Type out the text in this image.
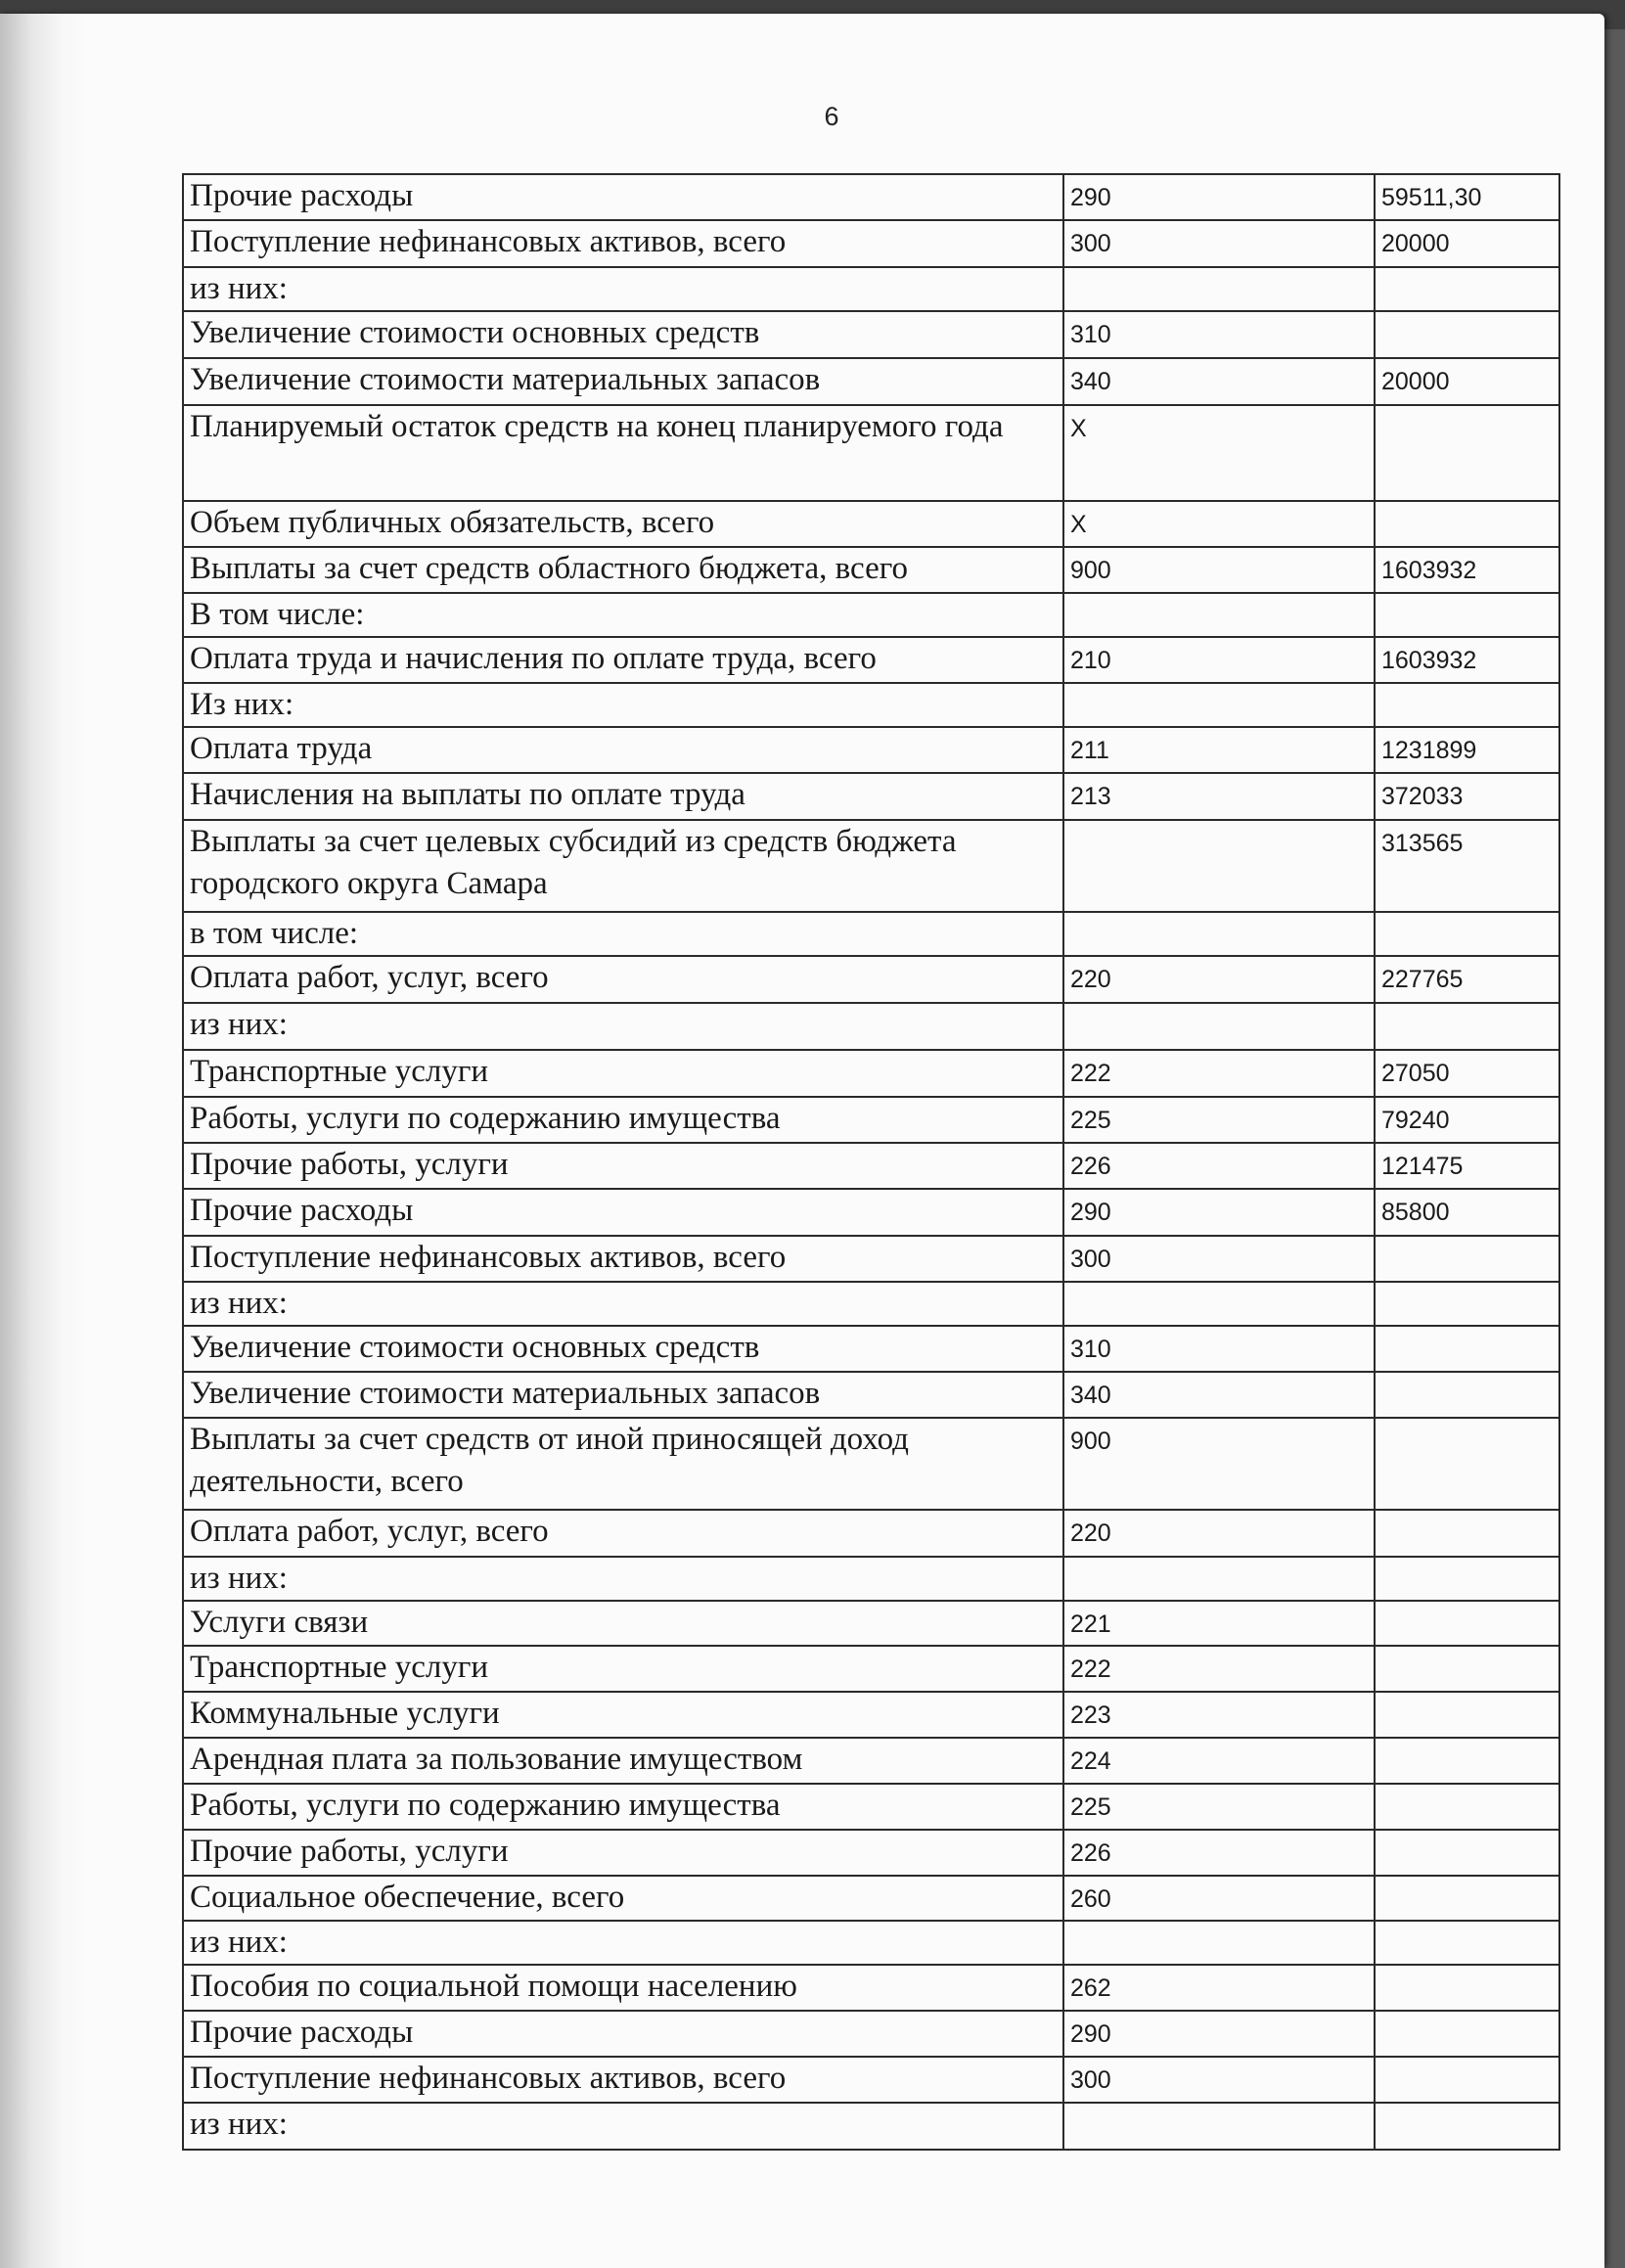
6
Прочие расходы	290	59511,30
Поступление нефинансовых активов, всего	300	20000
из них:		
Увеличение стоимости основных средств	310	
Увеличение стоимости материальных запасов	340	20000
Планируемый остаток средств на конец планируемого года	Х	
Объем публичных обязательств, всего	Х	
Выплаты за счет средств областного бюджета, всего	900	1603932
В том числе:		
Оплата труда и начисления по оплате труда, всего	210	1603932
Из них:		
Оплата труда	211	1231899
Начисления на выплаты по оплате труда	213	372033
Выплаты за счет целевых субсидий из средств бюджета городского округа Самара		313565
в том числе:		
Оплата работ, услуг, всего	220	227765
из них:		
Транспортные услуги	222	27050
Работы, услуги по содержанию имущества	225	79240
Прочие работы, услуги	226	121475
Прочие расходы	290	85800
Поступление нефинансовых активов, всего	300	
из них:		
Увеличение стоимости основных средств	310	
Увеличение стоимости материальных запасов	340	
Выплаты за счет средств от иной приносящей доход деятельности, всего	900	
Оплата работ, услуг, всего	220	
из них:		
Услуги связи	221	
Транспортные услуги	222	
Коммунальные услуги	223	
Арендная плата за пользование имуществом	224	
Работы, услуги по содержанию имущества	225	
Прочие работы, услуги	226	
Социальное обеспечение, всего	260	
из них:		
Пособия по социальной помощи населению	262	
Прочие расходы	290	
Поступление нефинансовых активов, всего	300	
из них:		
